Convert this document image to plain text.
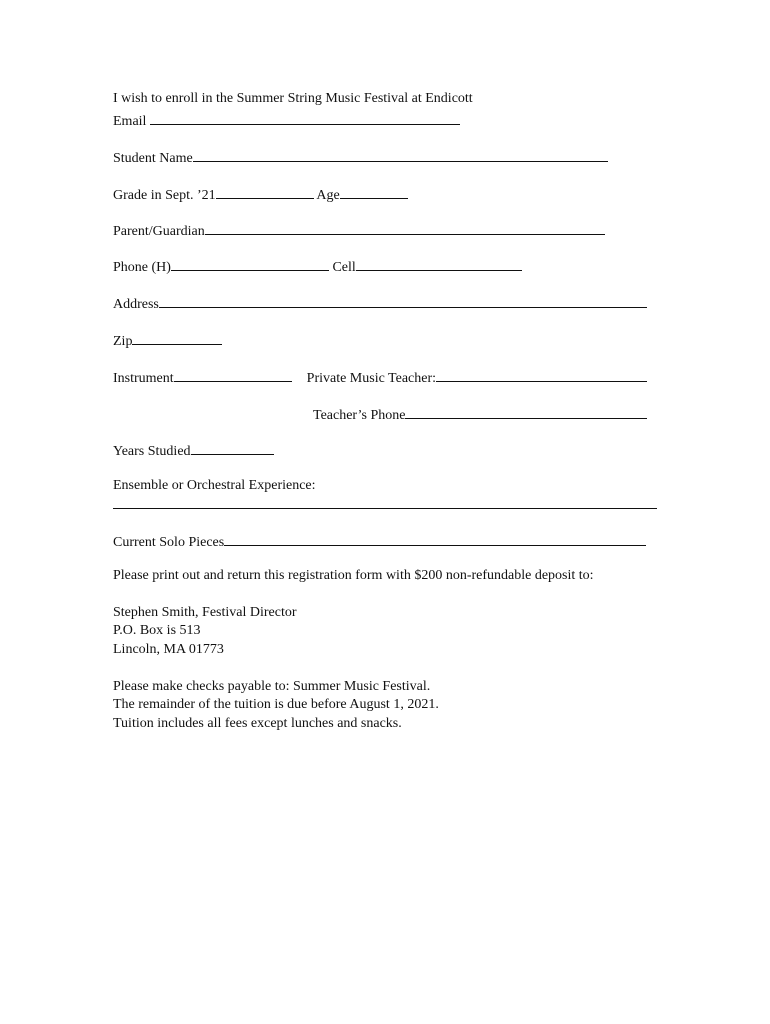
I wish to enroll in the Summer String Music Festival at Endicott
Email
Student Name
Grade in Sept. ’21	Age
Parent/Guardian
Phone (H)	Cell
Address
Zip
Instrument	Private Music Teacher:
Teacher’s Phone
Years Studied
Ensemble or Orchestral Experience:
Current Solo Pieces
Please print out and return this registration form with $200 non-refundable deposit to:
Stephen Smith, Festival Director
P.O. Box is 513
Lincoln, MA 01773
Please make checks payable to: Summer Music Festival.
The remainder of the tuition is due before August 1, 2021.
Tuition includes all fees except lunches and snacks.
